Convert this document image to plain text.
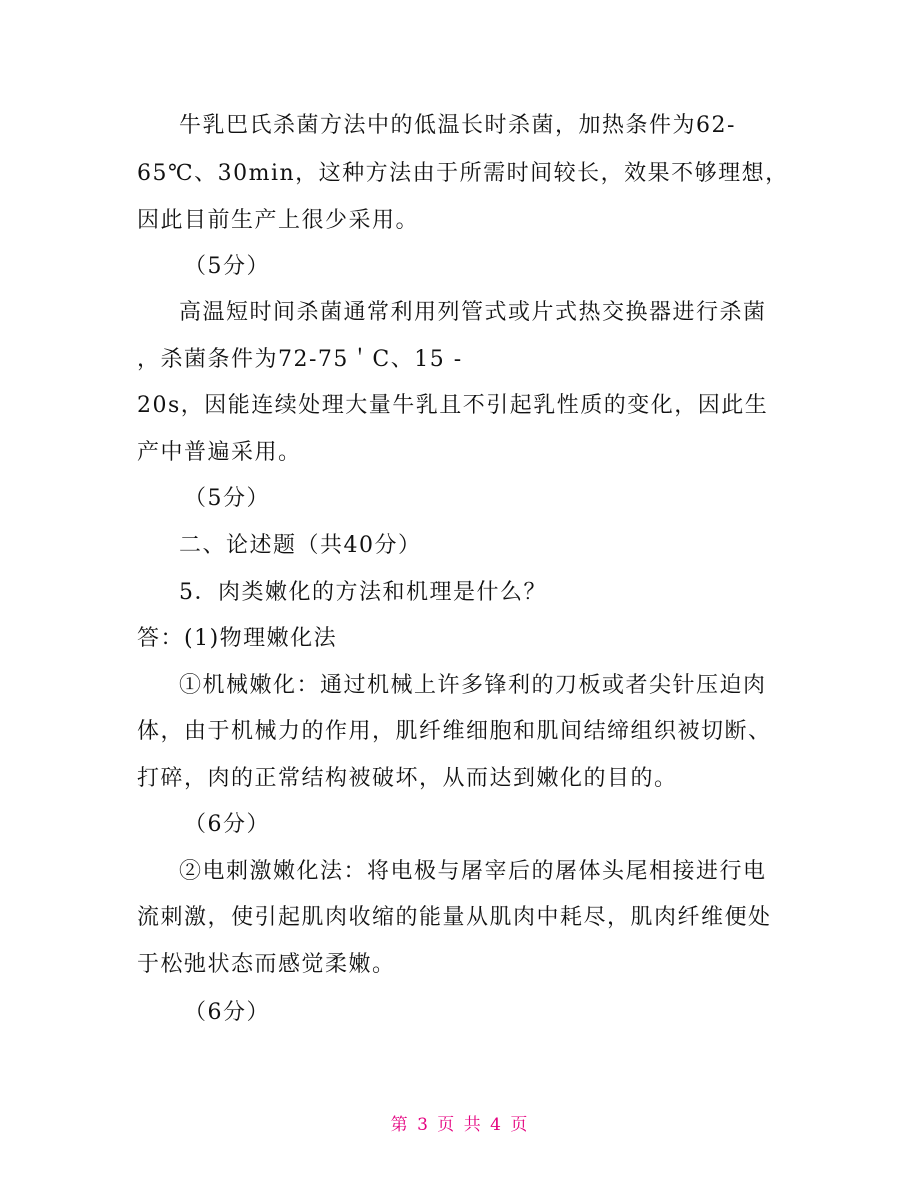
牛乳巴氏杀菌方法中的低温长时杀菌，加热条件为62-
65℃、30min，这种方法由于所需时间较长，效果不够理想，
因此目前生产上很少采用。
（5分）
高温短时间杀菌通常利用列管式或片式热交换器进行杀菌
，杀菌条件为72-75＇C、15 -
20s，因能连续处理大量牛乳且不引起乳性质的变化，因此生
产中普遍采用。
（5分）
二、论述题（共40分）
5．肉类嫩化的方法和机理是什么？
答：(1)物理嫩化法
①机械嫩化：通过机械上许多锋利的刀板或者尖针压迫肉
体，由于机械力的作用，肌纤维细胞和肌间结缔组织被切断、
打碎，肉的正常结构被破坏，从而达到嫩化的目的。
（6分）
②电刺激嫩化法：将电极与屠宰后的屠体头尾相接进行电
流刺激，使引起肌肉收缩的能量从肌肉中耗尽，肌肉纤维便处
于松弛状态而感觉柔嫩。
（6分）
第 3 页 共 4 页
